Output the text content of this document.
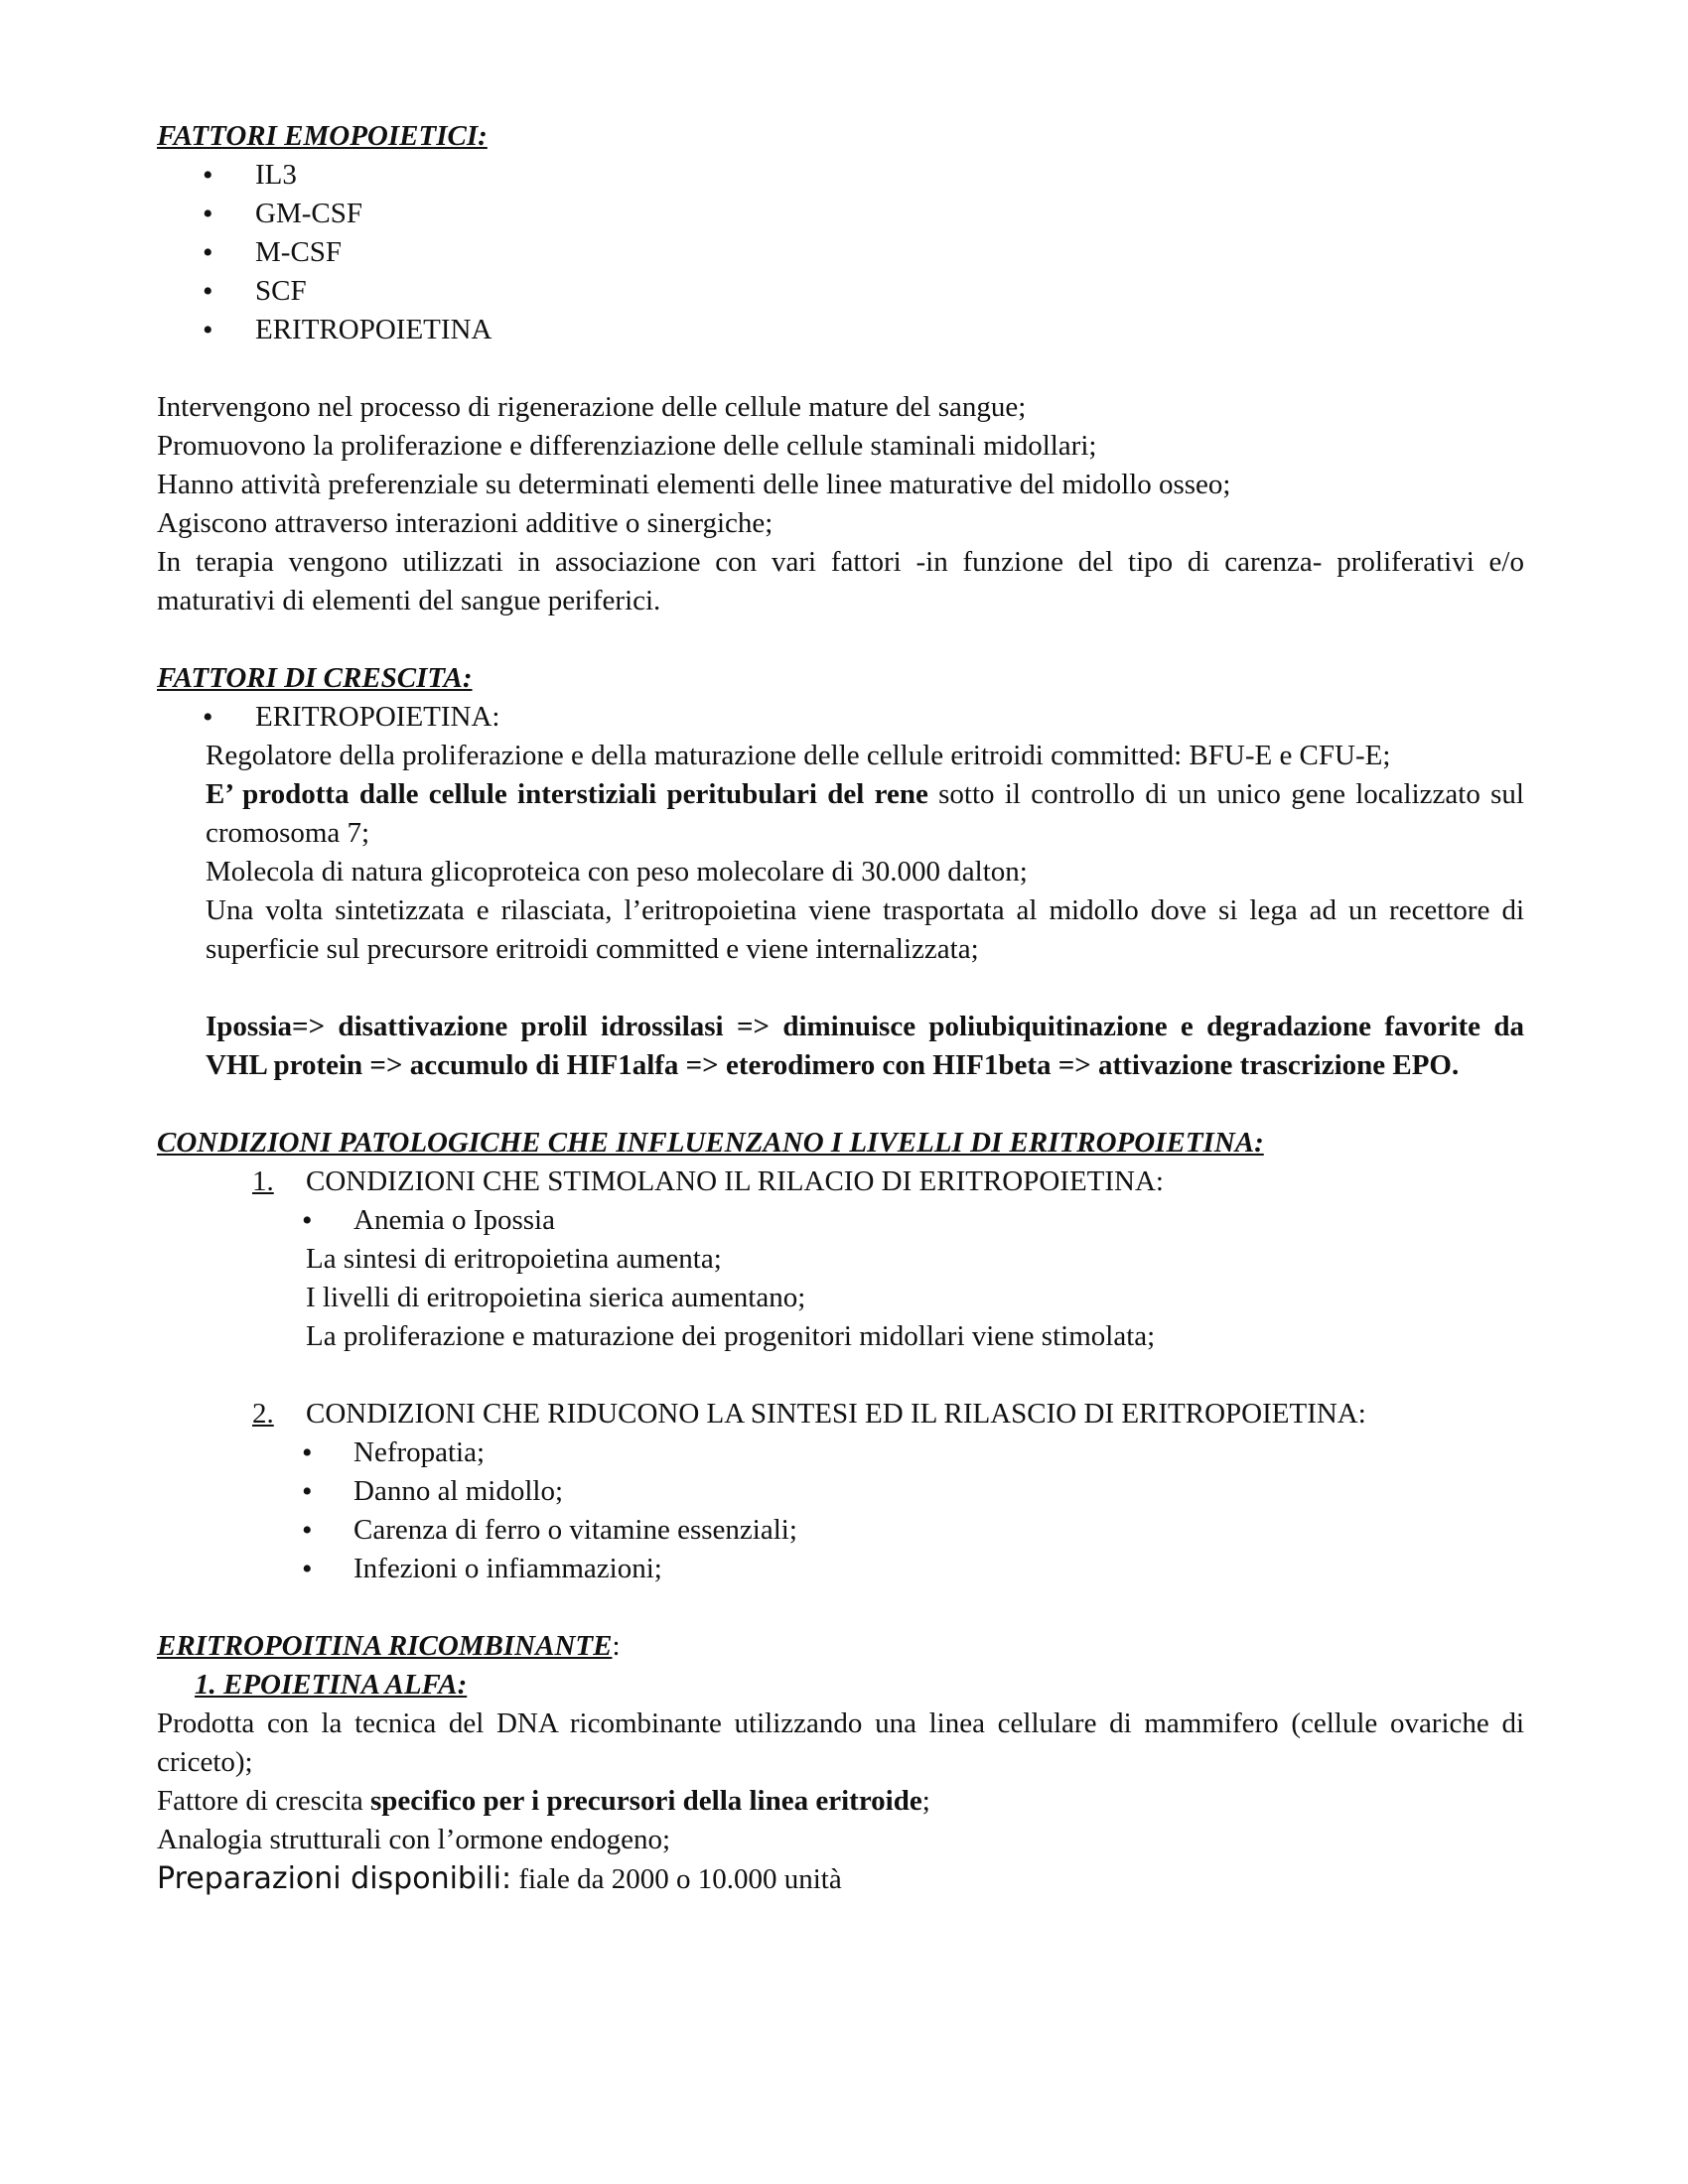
FATTORI EMOPOIETICI:

• IL3
• GM-CSF
• M-CSF
• SCF
• ERITROPOIETINA

Intervengono nel processo di rigenerazione delle cellule mature del sangue;

Promuovono la proliferazione e differenziazione delle cellule staminali midollari;

Hanno attività preferenziale su determinati elementi delle linee maturative del midollo osseo;

Agiscono attraverso interazioni additive o sinergiche;

In terapia vengono utilizzati in associazione con vari fattori -in funzione del tipo di carenza- proliferativi e/o maturativi di elementi del sangue periferici.

FATTORI DI CRESCITA:

• ERITROPOIETINA:

Regolatore della proliferazione e della maturazione delle cellule eritroidi committed: BFU-E e CFU-E;

E’ prodotta dalle cellule interstiziali peritubulari del rene sotto il controllo di un unico gene localizzato sul cromosoma 7;

Molecola di natura glicoproteica con peso molecolare di 30.000 dalton;

Una volta sintetizzata e rilasciata, l’eritropoietina viene trasportata al midollo dove si lega ad un recettore di superficie sul precursore eritroidi committed e viene internalizzata;

Ipossia=> disattivazione prolil idrossilasi => diminuisce poliubiquitinazione e degradazione favorite da VHL protein => accumulo di HIF1alfa => eterodimero con HIF1beta => attivazione trascrizione EPO.

CONDIZIONI PATOLOGICHE CHE INFLUENZANO I LIVELLI DI ERITROPOIETINA:

1. CONDIZIONI CHE STIMOLANO IL RILACIO DI ERITROPOIETINA:

• Anemia o Ipossia

La sintesi di eritropoietina aumenta;

I livelli di eritropoietina sierica aumentano;

La proliferazione e maturazione dei progenitori midollari viene stimolata;

2. CONDIZIONI CHE RIDUCONO LA SINTESI ED IL RILASCIO DI ERITROPOIETINA:

• Nefropatia;
• Danno al midollo;
• Carenza di ferro o vitamine essenziali;
• Infezioni o infiammazioni;

ERITROPOITINA RICOMBINANTE:

1. EPOIETINA ALFA:

Prodotta con la tecnica del DNA ricombinante utilizzando una linea cellulare di mammifero (cellule ovariche di criceto);

Fattore di crescita specifico per i precursori della linea eritroide;

Analogia strutturali con l’ormone endogeno;

Preparazioni disponibili: fiale da 2000 o 10.000 unità
